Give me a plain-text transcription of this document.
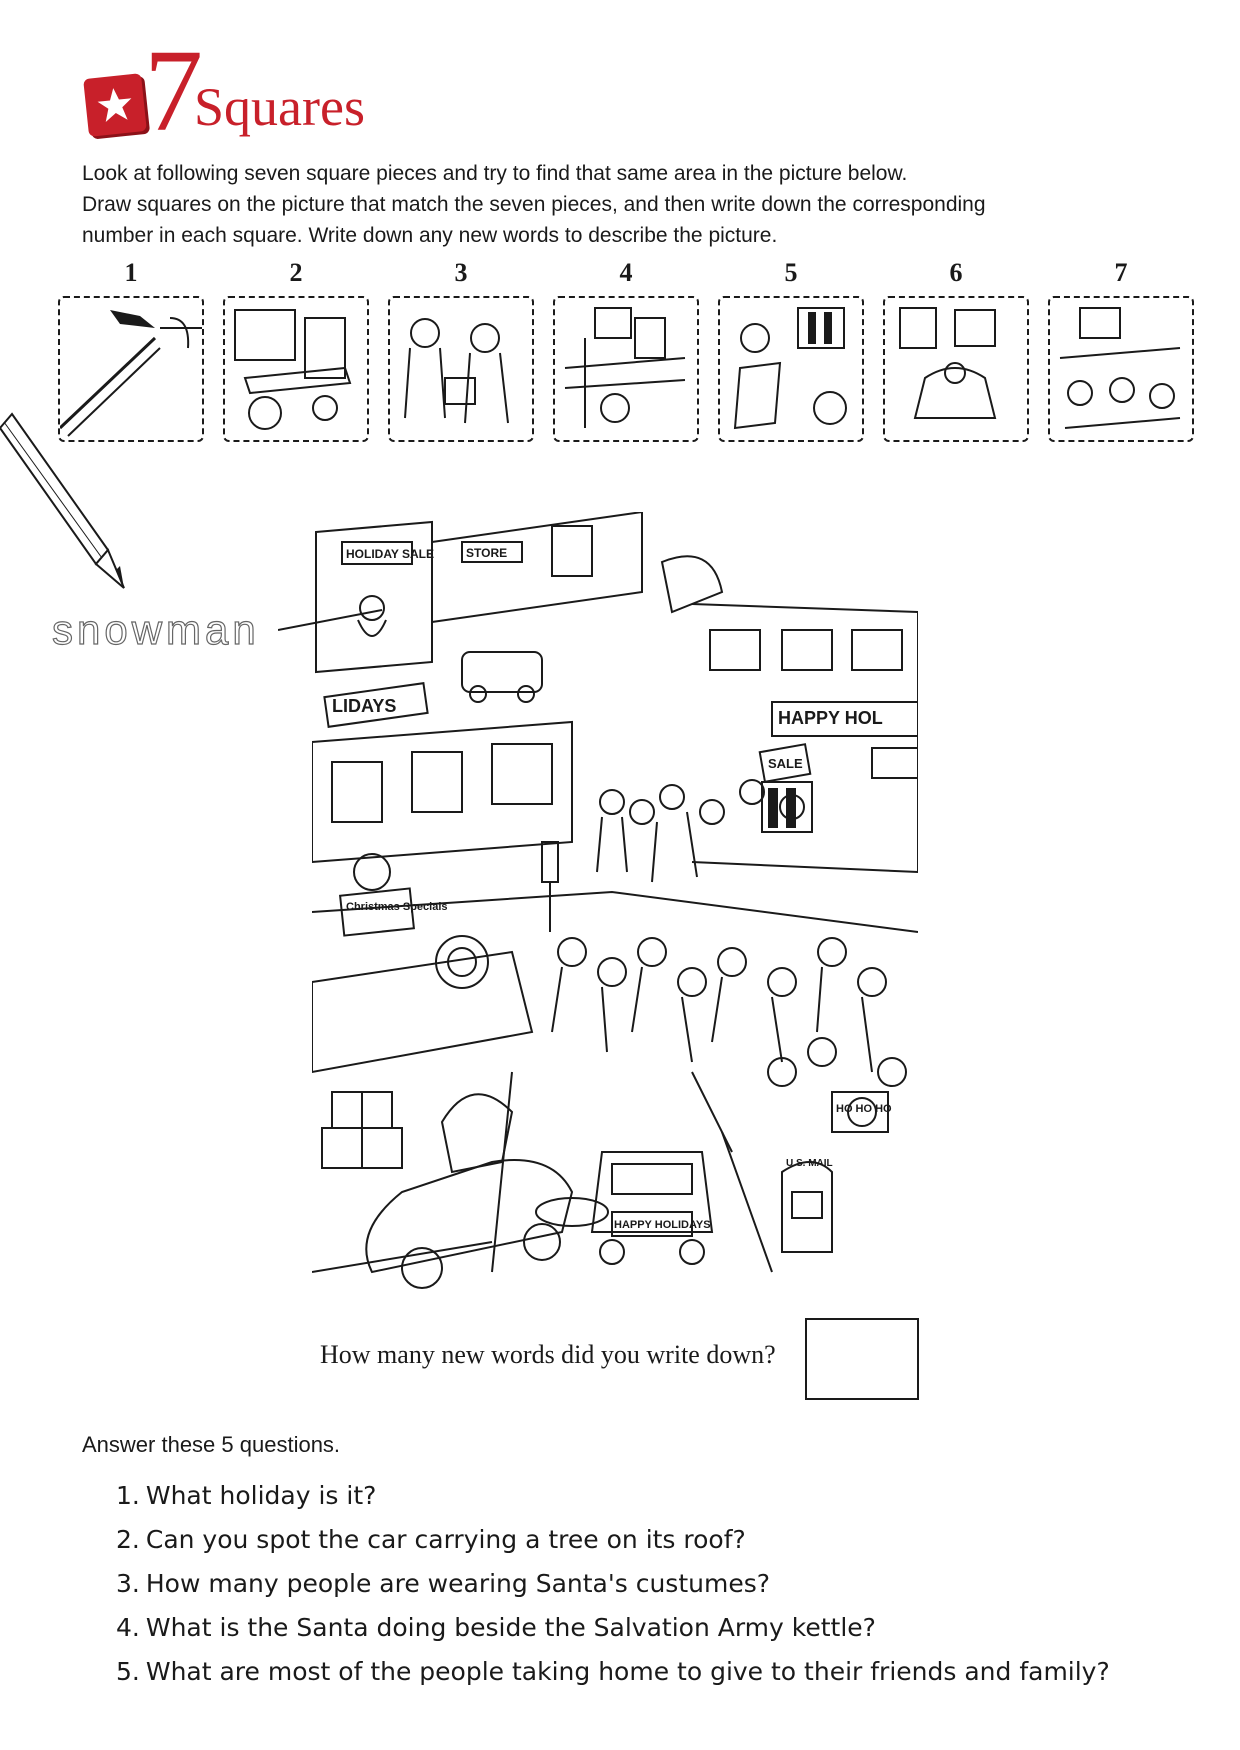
7
Squares

Look at following seven square pieces and try to find that same area in the picture below.
Draw squares on the picture that match the seven pieces, and then write down the corresponding
number in each square. Write down any new words to describe the picture.

1	2	3	4	5	6	7

snowman

HOLIDAY SALE	STORE
LIDAYS
HAPPY HOL
SALE
Christmas Specials
HAPPY HOLIDAYS
U.S. MAIL
HO HO HO

How many new words did you write down?

Answer these 5 questions.

1. What holiday is it?
2. Can you spot the car carrying a tree on its roof?
3. How many people are wearing Santa's custumes?
4. What is the Santa doing beside the Salvation Army kettle?
5. What are most of the people taking home to give to their friends and family?
